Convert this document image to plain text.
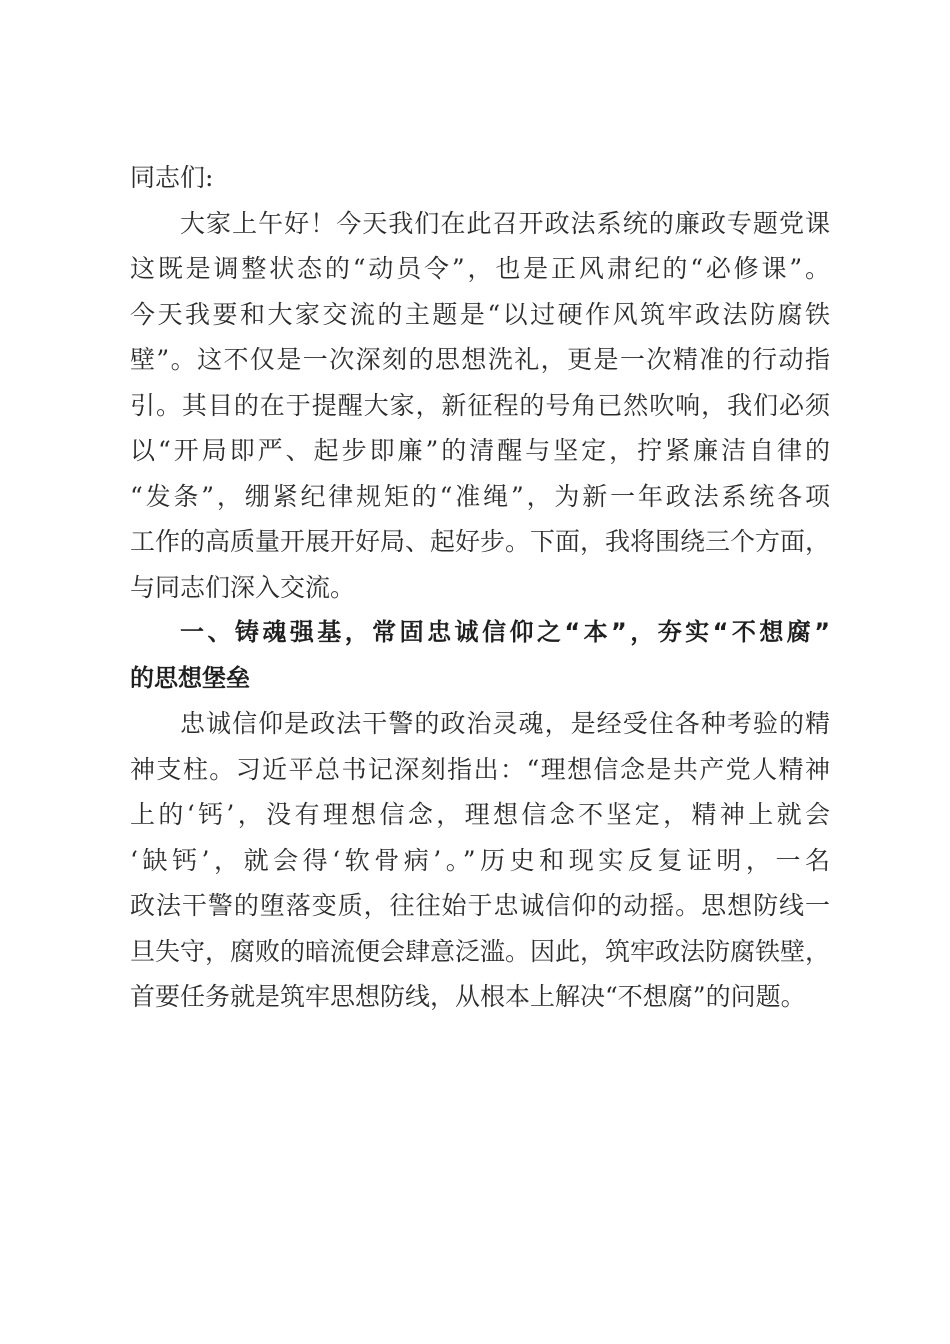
同志们:
大家上午好！今天我们在此召开政法系统的廉政专题党课
这既是调整状态的“动员令”，也是正风肃纪的“必修课”。
今天我要和大家交流的主题是“以过硬作风筑牢政法防腐铁
壁”。这不仅是一次深刻的思想洗礼，更是一次精准的行动指
引。其目的在于提醒大家，新征程的号角已然吹响，我们必须
以“开局即严、起步即廉”的清醒与坚定，拧紧廉洁自律的
“发条”，绷紧纪律规矩的“准绳”，为新一年政法系统各项
工作的高质量开展开好局、起好步。下面，我将围绕三个方面，
与同志们深入交流。
一、铸魂强基，常固忠诚信仰之“本”，夯实“不想腐”
的思想堡垒
忠诚信仰是政法干警的政治灵魂，是经受住各种考验的精
神支柱。习近平总书记深刻指出：“理想信念是共产党人精神
上的‘钙’，没有理想信念，理想信念不坚定，精神上就会
‘缺钙’，就会得‘软骨病’。”历史和现实反复证明，一名
政法干警的堕落变质，往往始于忠诚信仰的动摇。思想防线一
旦失守，腐败的暗流便会肆意泛滥。因此，筑牢政法防腐铁壁，
首要任务就是筑牢思想防线，从根本上解决“不想腐”的问题。
